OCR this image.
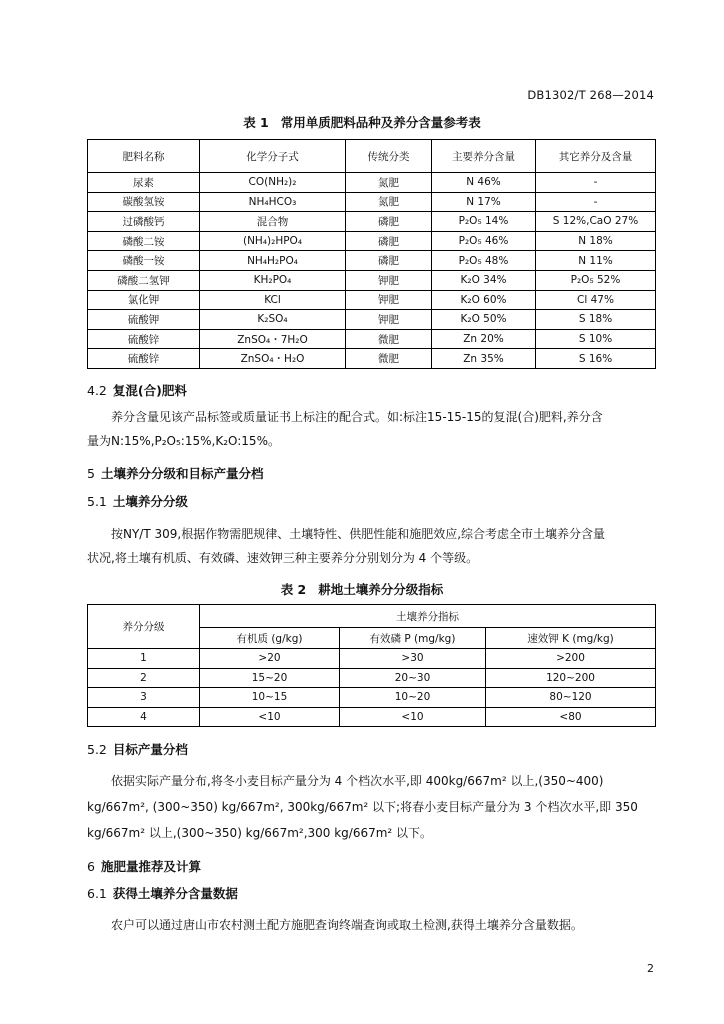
DB1302/T 268—2014
表 1 常用单质肥料品种及养分含量参考表
肥料名称	化学分子式	传统分类	主要养分含量	其它养分及含量
尿素	CO(NH₂)₂	氮肥	N 46%	-
碳酸氢铵	NH₄HCO₃	氮肥	N 17%	-
过磷酸钙	混合物	磷肥	P₂O₅ 14%	S 12%,CaO 27%
磷酸二铵	(NH₄)₂HPO₄	磷肥	P₂O₅ 46%	N 18%
磷酸一铵	NH₄H₂PO₄	磷肥	P₂O₅ 48%	N 11%
磷酸二氢钾	KH₂PO₄	钾肥	K₂O 34%	P₂O₅ 52%
氯化钾	KCl	钾肥	K₂O 60%	Cl 47%
硫酸钾	K₂SO₄	钾肥	K₂O 50%	S 18%
硫酸锌	ZnSO₄・7H₂O	微肥	Zn 20%	S 10%
硫酸锌	ZnSO₄・H₂O	微肥	Zn 35%	S 16%
4.2 复混(合)肥料
养分含量见该产品标签或质量证书上标注的配合式。如:标注15-15-15的复混(合)肥料,养分含
量为N:15%,P₂O₅:15%,K₂O:15%。
5 土壤养分分级和目标产量分档
5.1 土壤养分分级
按NY/T 309,根据作物需肥规律、土壤特性、供肥性能和施肥效应,综合考虑全市土壤养分含量
状况,将土壤有机质、有效磷、速效钾三种主要养分分别划分为 4 个等级。
表 2 耕地土壤养分分级指标
养分分级	土壤养分指标		
	有机质 (g/kg)	有效磷 P (mg/kg)	速效钾 K (mg/kg)
1	>20	>30	>200
2	15~20	20~30	120~200
3	10~15	10~20	80~120
4	<10	<10	<80
5.2 目标产量分档
依据实际产量分布,将冬小麦目标产量分为 4 个档次水平,即 400kg/667m² 以上,(350~400)
kg/667m², (300~350) kg/667m², 300kg/667m² 以下;将春小麦目标产量分为 3 个档次水平,即 350
kg/667m² 以上,(300~350) kg/667m²,300 kg/667m² 以下。
6 施肥量推荐及计算
6.1 获得土壤养分含量数据
农户可以通过唐山市农村测土配方施肥查询终端查询或取土检测,获得土壤养分含量数据。
2
